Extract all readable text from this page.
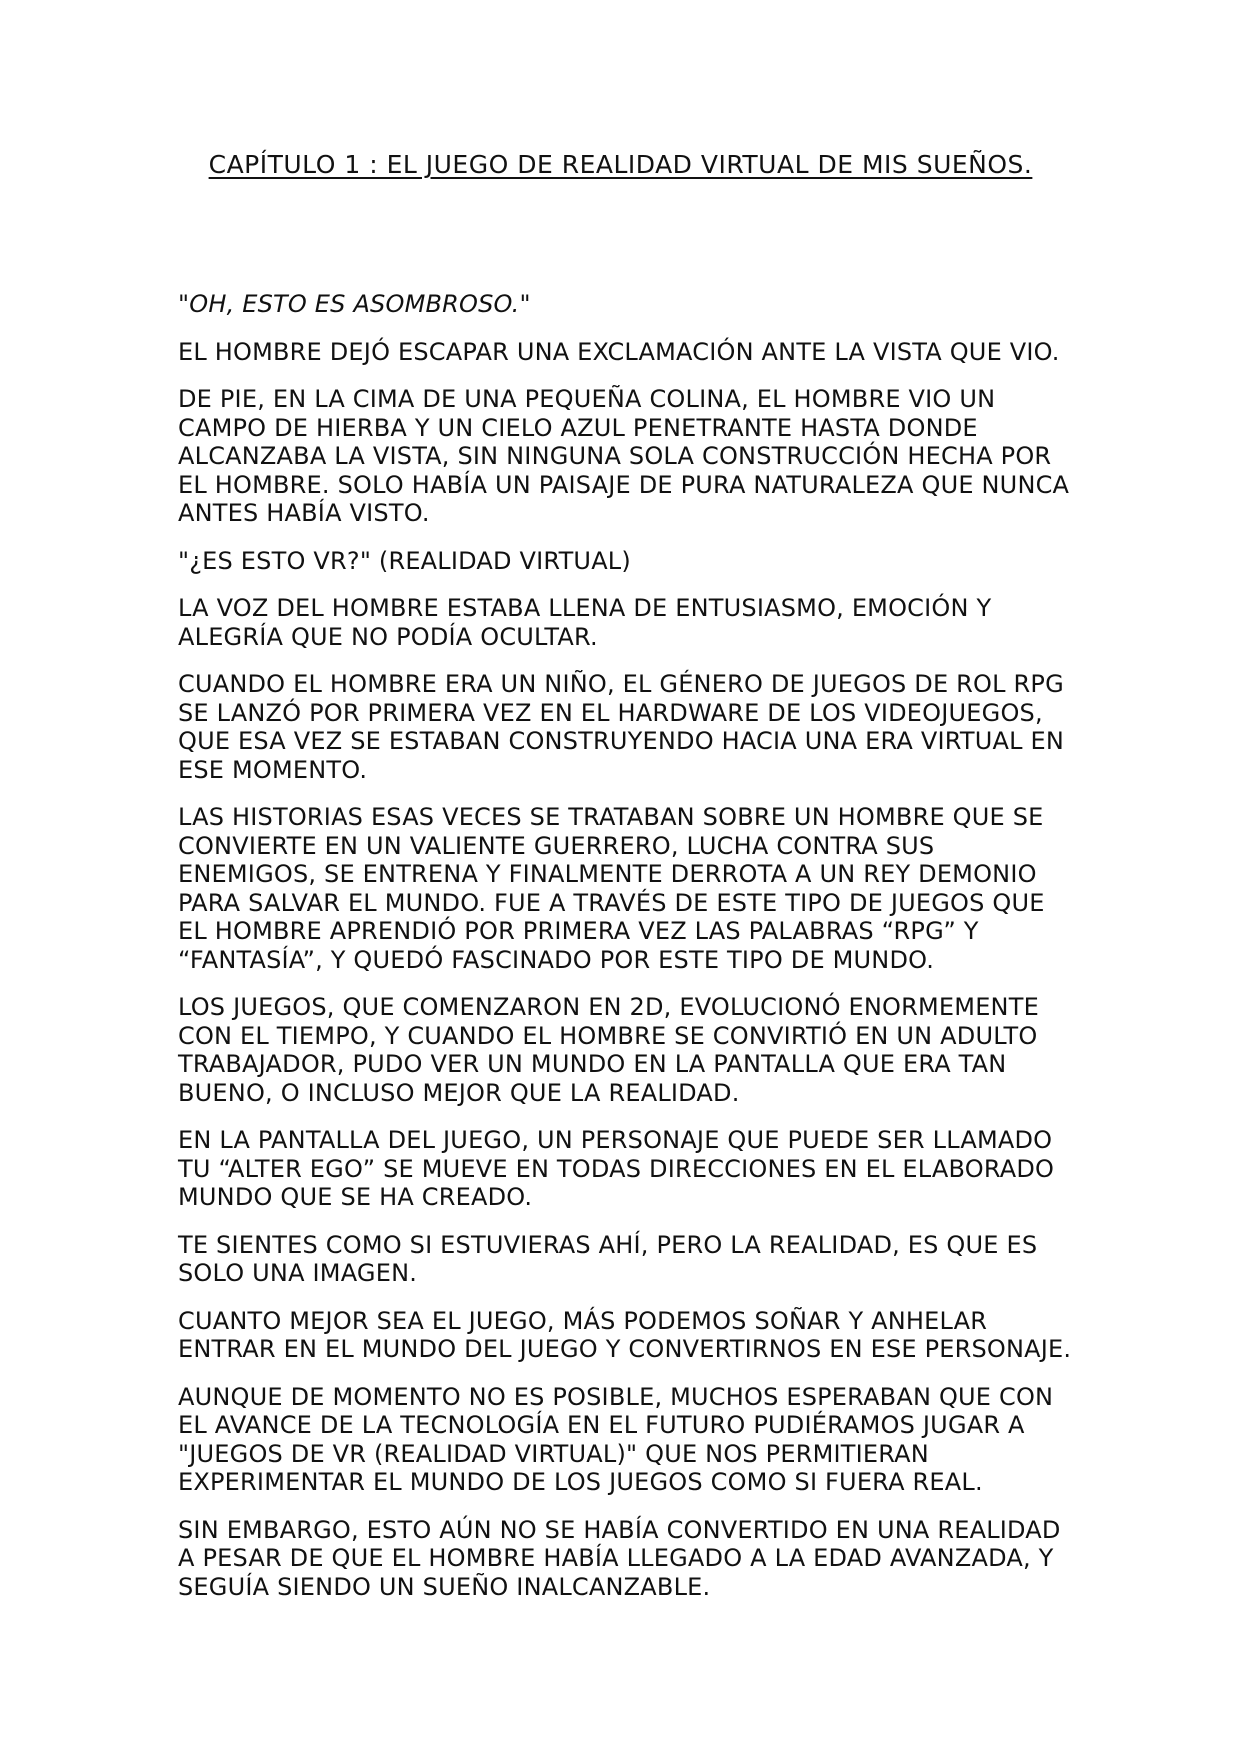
CAPÍTULO 1 : EL JUEGO DE REALIDAD VIRTUAL DE MIS SUEÑOS.

"OH, ESTO ES ASOMBROSO."

EL HOMBRE DEJÓ ESCAPAR UNA EXCLAMACIÓN ANTE LA VISTA QUE VIO.

DE PIE, EN LA CIMA DE UNA PEQUEÑA COLINA, EL HOMBRE VIO UN CAMPO DE HIERBA Y UN CIELO AZUL PENETRANTE HASTA DONDE ALCANZABA LA VISTA, SIN NINGUNA SOLA CONSTRUCCIÓN HECHA POR EL HOMBRE. SOLO HABÍA UN PAISAJE DE PURA NATURALEZA QUE NUNCA ANTES HABÍA VISTO.

"¿ES ESTO VR?" (REALIDAD VIRTUAL)

LA VOZ DEL HOMBRE ESTABA LLENA DE ENTUSIASMO, EMOCIÓN Y ALEGRÍA QUE NO PODÍA OCULTAR.

CUANDO EL HOMBRE ERA UN NIÑO, EL GÉNERO DE JUEGOS DE ROL RPG SE LANZÓ POR PRIMERA VEZ EN EL HARDWARE DE LOS VIDEOJUEGOS, QUE ESA VEZ SE ESTABAN CONSTRUYENDO HACIA UNA ERA VIRTUAL EN ESE MOMENTO.

LAS HISTORIAS ESAS VECES SE TRATABAN SOBRE UN HOMBRE QUE SE CONVIERTE EN UN VALIENTE GUERRERO, LUCHA CONTRA SUS ENEMIGOS, SE ENTRENA Y FINALMENTE DERROTA A UN REY DEMONIO PARA SALVAR EL MUNDO. FUE A TRAVÉS DE ESTE TIPO DE JUEGOS QUE EL HOMBRE APRENDIÓ POR PRIMERA VEZ LAS PALABRAS “RPG” Y “FANTASÍA”, Y QUEDÓ FASCINADO POR ESTE TIPO DE MUNDO.

LOS JUEGOS, QUE COMENZARON EN 2D, EVOLUCIONÓ ENORMEMENTE CON EL TIEMPO, Y CUANDO EL HOMBRE SE CONVIRTIÓ EN UN ADULTO TRABAJADOR, PUDO VER UN MUNDO EN LA PANTALLA QUE ERA TAN BUENO, O INCLUSO MEJOR QUE LA REALIDAD.

EN LA PANTALLA DEL JUEGO, UN PERSONAJE QUE PUEDE SER LLAMADO TU “ALTER EGO” SE MUEVE EN TODAS DIRECCIONES EN EL ELABORADO MUNDO QUE SE HA CREADO.

TE SIENTES COMO SI ESTUVIERAS AHÍ, PERO LA REALIDAD, ES QUE ES SOLO UNA IMAGEN.

CUANTO MEJOR SEA EL JUEGO, MÁS PODEMOS SOÑAR Y ANHELAR ENTRAR EN EL MUNDO DEL JUEGO Y CONVERTIRNOS EN ESE PERSONAJE.

AUNQUE DE MOMENTO NO ES POSIBLE, MUCHOS ESPERABAN QUE CON EL AVANCE DE LA TECNOLOGÍA EN EL FUTURO PUDIÉRAMOS JUGAR A "JUEGOS DE VR (REALIDAD VIRTUAL)" QUE NOS PERMITIERAN EXPERIMENTAR EL MUNDO DE LOS JUEGOS COMO SI FUERA REAL.

SIN EMBARGO, ESTO AÚN NO SE HABÍA CONVERTIDO EN UNA REALIDAD A PESAR DE QUE EL HOMBRE HABÍA LLEGADO A LA EDAD AVANZADA, Y SEGUÍA SIENDO UN SUEÑO INALCANZABLE.
